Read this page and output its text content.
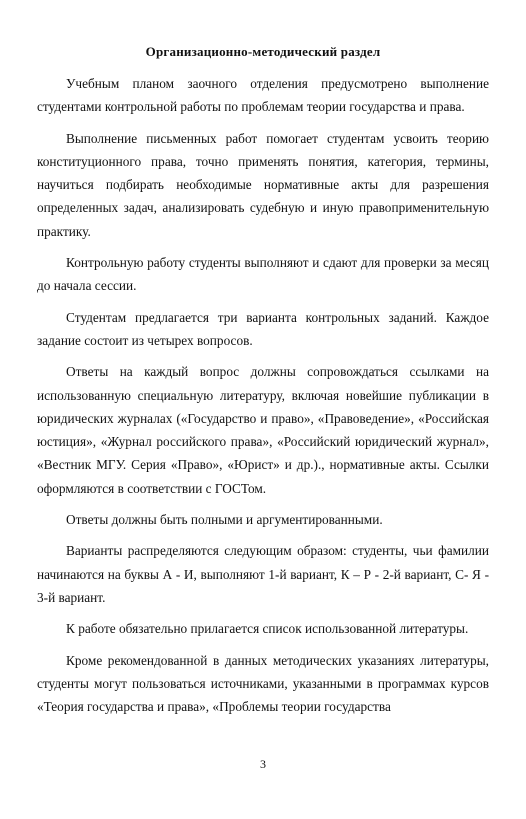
Организационно-методический раздел

Учебным планом заочного отделения предусмотрено выполнение студентами контрольной работы по проблемам теории государства и права.

Выполнение письменных работ помогает студентам усвоить теорию конституционного права, точно применять понятия, категория, термины, научиться подбирать необходимые нормативные акты для разрешения определенных задач, анализировать судебную и иную правоприменительную практику.

Контрольную работу студенты выполняют и сдают для проверки за месяц до начала сессии.

Студентам предлагается три варианта контрольных заданий. Каждое задание состоит из четырех вопросов.

Ответы на каждый вопрос должны сопровождаться ссылками на использованную специальную литературу, включая новейшие публикации в юридических журналах («Государство и право», «Правоведение», «Российская юстиция», «Журнал российского права», «Российский юридический журнал», «Вестник МГУ. Серия «Право», «Юрист» и др.)., нормативные акты. Ссылки оформляются в соответствии с ГОСТом.

Ответы должны быть полными и аргументированными.

Варианты распределяются следующим образом: студенты, чьи фамилии начинаются на буквы А - И, выполняют 1-й вариант, К – Р - 2-й вариант, С- Я - 3-й вариант.

К работе обязательно прилагается список использованной литературы.

Кроме рекомендованной в данных методических указаниях литературы, студенты могут пользоваться источниками, указанными в программах курсов «Теория государства и права», «Проблемы теории государства

3
